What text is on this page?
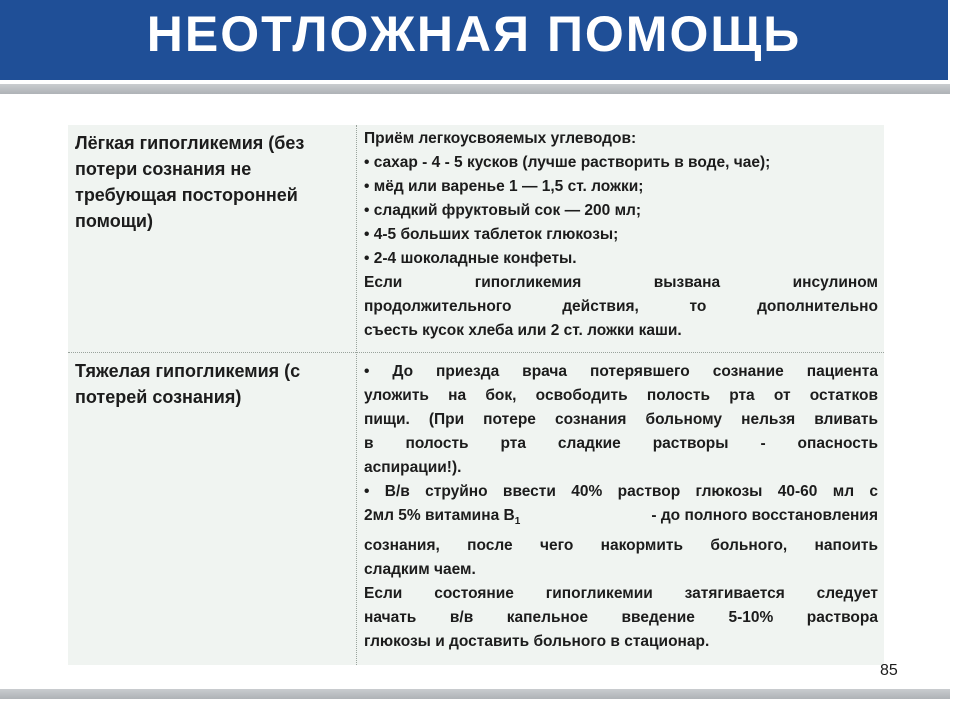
НЕОТЛОЖНАЯ ПОМОЩЬ
Лёгкая гипогликемия (без
потери сознания не
требующая посторонней
помощи)
Приём легкоусвояемых углеводов:
• сахар - 4 - 5 кусков (лучше растворить в воде, чае);
• мёд или варенье 1 — 1,5 ст. ложки;
• сладкий фруктовый сок — 200 мл;
• 4-5 больших таблеток глюкозы;
• 2-4 шоколадные конфеты.
Если гипогликемия вызвана инсулином
продолжительного действия, то дополнительно
съесть кусок хлеба или 2 ст. ложки каши.
Тяжелая гипогликемия (с
потерей сознания)
• До приезда врача потерявшего сознание пациента
уложить на бок, освободить полость рта от остатков
пищи. (При потере сознания больному нельзя вливать
в полость рта сладкие растворы - опасность
аспирации!).
• В/в струйно ввести 40% раствор глюкозы 40-60 мл с
2мл 5% витамина $В_1$	- до полного восстановления
сознания, после чего накормить больного, напоить
сладким чаем.
Если состояние гипогликемии затягивается следует
начать в/в капельное введение 5-10% раствора
глюкозы и доставить больного в стационар.
85
